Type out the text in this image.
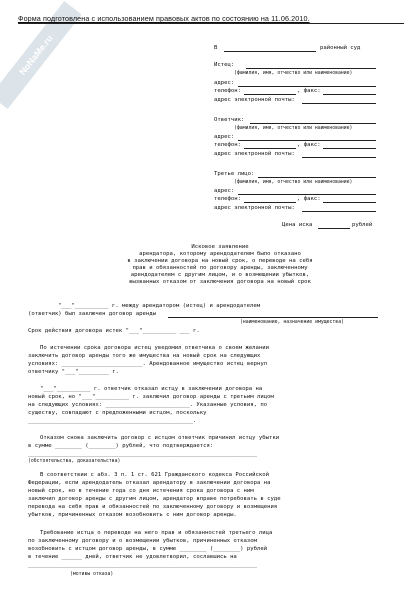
NoNaMe.ru
Форма подготовлена с использованием правовых актов по состоянию на 11.06.2010.
В	районный суд
Истец:
(фамилия, имя, отчество или наименование)
адрес:
телефон:	, факс:
адрес электронной почты:
Ответчик:
(фамилия, имя, отчество или наименование)
адрес:
телефон:	, факс:
адрес электронной почты:
Третье лицо:
(фамилия, имя, отчество или наименование)
адрес:
телефон:	, факс:
адрес электронной почты:
Цена иска	рублей
Исковое заявление
арендатора, которому арендодателем было отказано
в заключении договора на новый срок, о переводе на себя
прав и обязанностей по договору аренды, заключенному
арендодателем с другим лицом, и о возмещении убытков,
вызванных отказом от заключения договора на новый срок
"___"__________ г. между арендатором (истец) и арендодателем
(ответчик) был заключен договор аренды
(наименование, назначение имущества)
Срок действия договора истек "___"__________ ___ г.
По истечении срока договора истец уведомил ответчика о своем желании
заключить договор аренды того же имущества на новый срок на следующих
условиях: ________________________. Арендованное имущество истец вернул
ответчику "___"_________ г.
"___"__________ г. ответчик отказал истцу в заключении договора на
новый срок, но "___"__________ г. заключил договор аренды с третьим лицом
на следующих условиях: _________________________. Указанные условия, по
существу, совпадают с предложенными истцом, поскольку
_________________________________________________.
Отказом снова заключить договор с истцом ответчик причинил истцу убытки
в сумме ________ (________) рублей, что подтверждается:
____________________________________________________________________
(обстоятельства, доказательства)
В соответствии с абз. 3 п. 1 ст. 621 Гражданского кодекса Российской
Федерации, если арендодатель отказал арендатору в заключении договора на
новый срок, но в течение года со дня истечения срока договора с ним
заключил договор аренды с другим лицом, арендатор вправе потребовать в суде
перевода на себя прав и обязанностей по заключенному договору и возмещения
убытков, причиненных отказом возобновить с ним договор аренды.
Требование истца о переводе на него прав и обязанностей третьего лица
по заключенному договору и о возмещении убытков, причиненных отказом
возобновить с истцом договор аренды, в сумме ________ (________) рублей
в течение ______ дней, ответчик не удовлетворил, сославшись на
____________________________________________________________________
(мотивы отказа)
